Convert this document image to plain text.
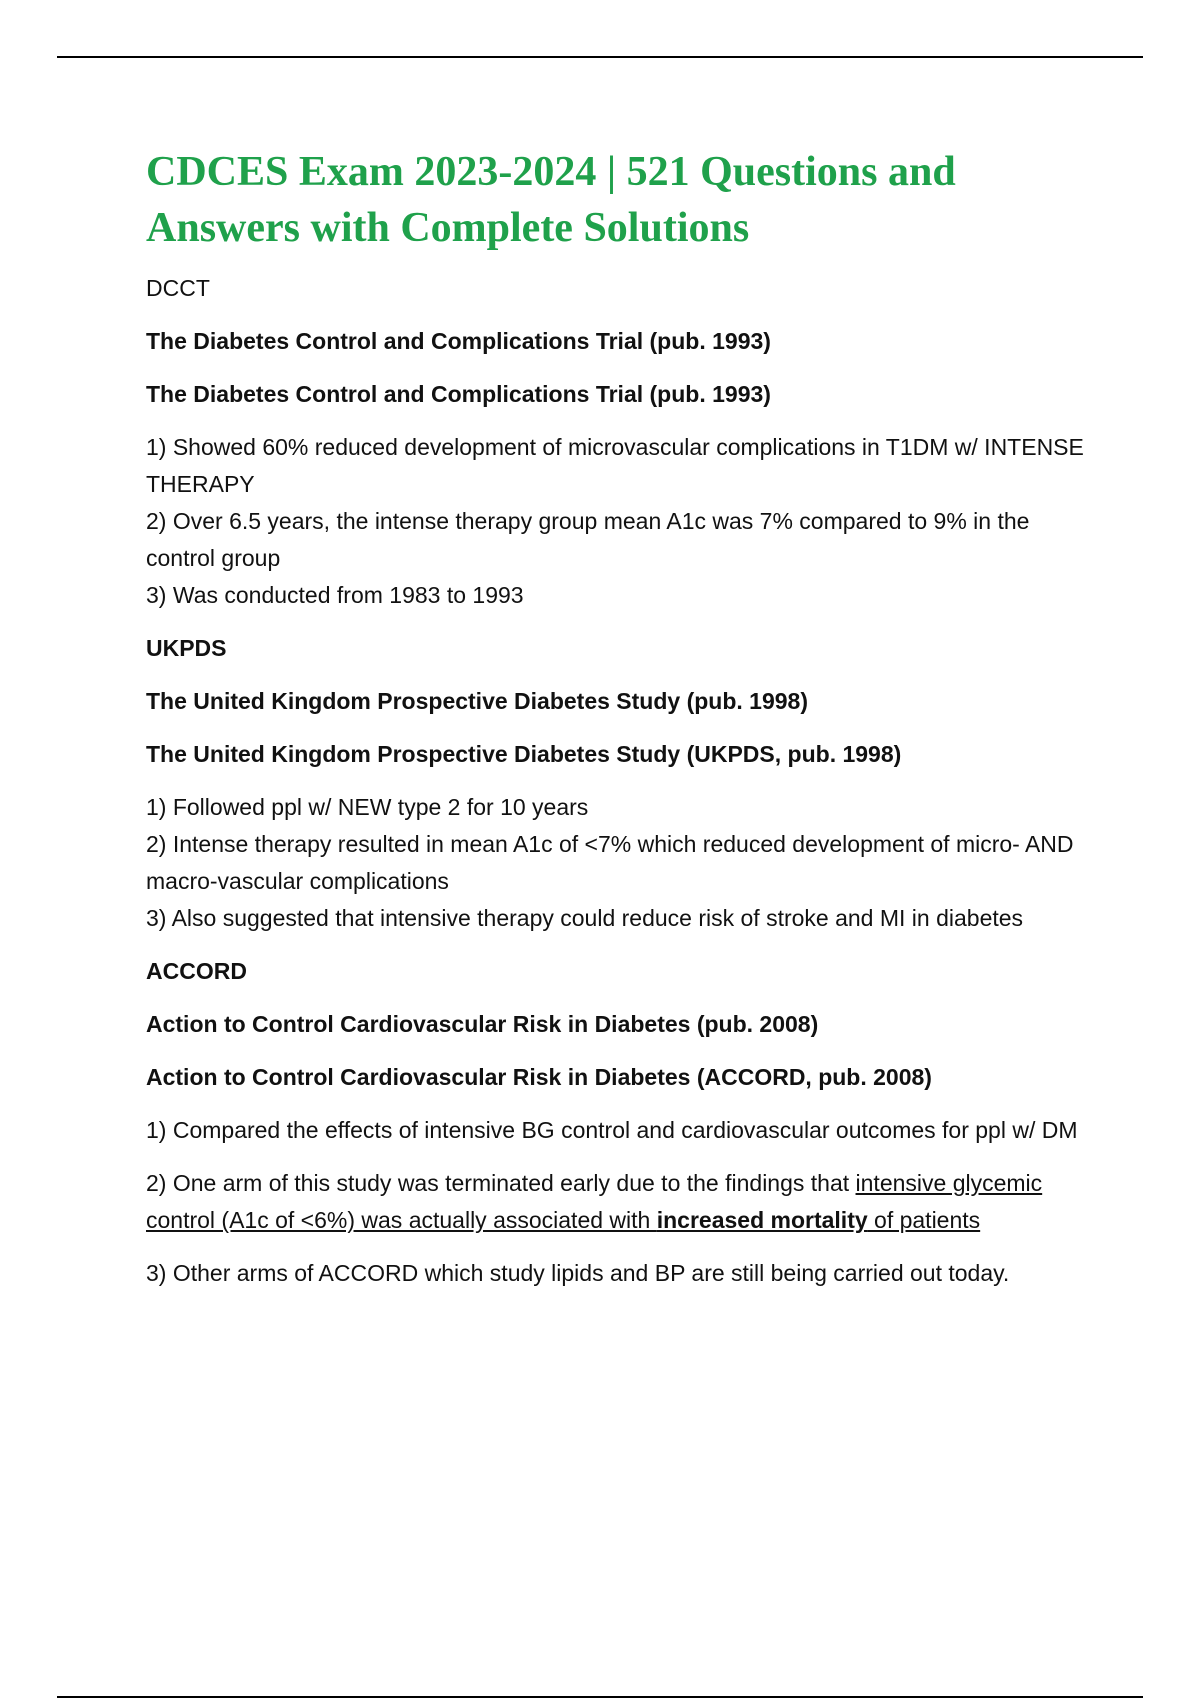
CDCES Exam 2023-2024 | 521 Questions and Answers with Complete Solutions
DCCT
The Diabetes Control and Complications Trial (pub. 1993)
The Diabetes Control and Complications Trial (pub. 1993)
1) Showed 60% reduced development of microvascular complications in T1DM w/ INTENSE THERAPY
2) Over 6.5 years, the intense therapy group mean A1c was 7% compared to 9% in the control group
3) Was conducted from 1983 to 1993
UKPDS
The United Kingdom Prospective Diabetes Study (pub. 1998)
The United Kingdom Prospective Diabetes Study (UKPDS, pub. 1998)
1) Followed ppl w/ NEW type 2 for 10 years
2) Intense therapy resulted in mean A1c of <7% which reduced development of micro- AND macro-vascular complications
3) Also suggested that intensive therapy could reduce risk of stroke and MI in diabetes
ACCORD
Action to Control Cardiovascular Risk in Diabetes (pub. 2008)
Action to Control Cardiovascular Risk in Diabetes (ACCORD, pub. 2008)
1) Compared the effects of intensive BG control and cardiovascular outcomes for ppl w/ DM
2) One arm of this study was terminated early due to the findings that intensive glycemic control (A1c of <6%) was actually associated with increased mortality of patients
3) Other arms of ACCORD which study lipids and BP are still being carried out today.
